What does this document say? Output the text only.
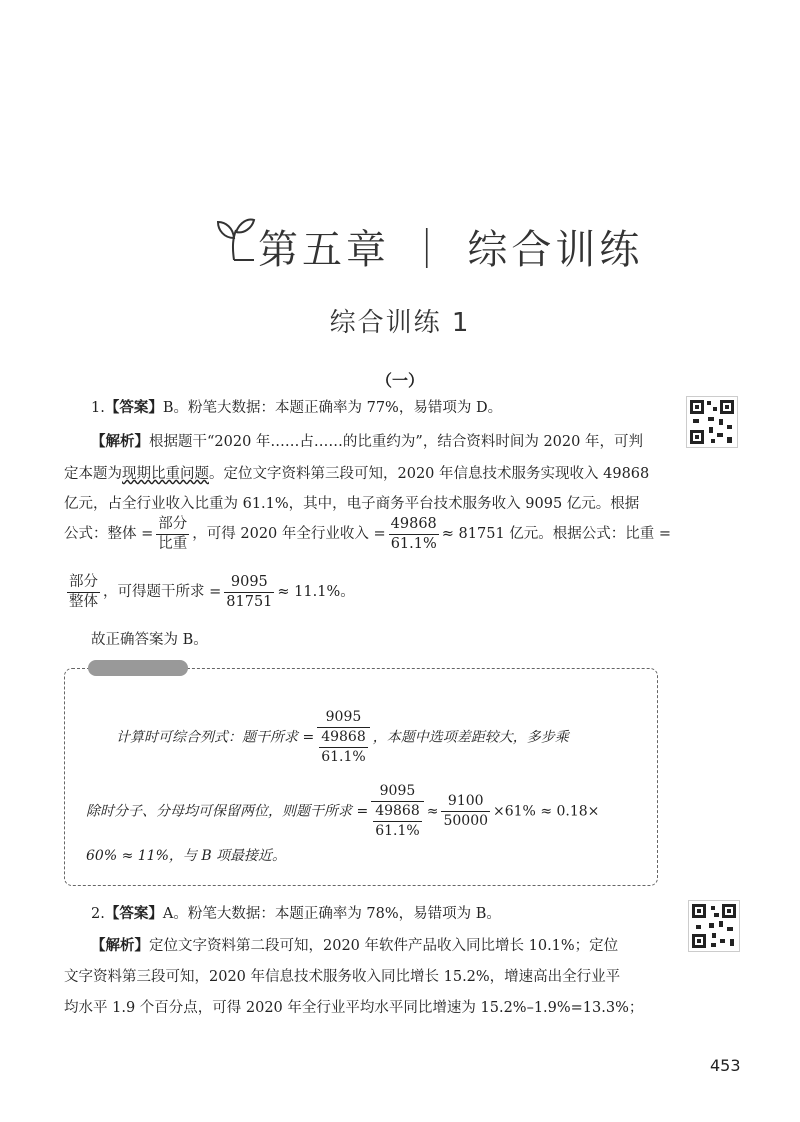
第五章 ｜ 综合训练
综合训练 1
（一）
1.【答案】B。粉笔大数据：本题正确率为 77%，易错项为 D。
【解析】根据题干“2020 年……占……的比重约为”，结合资料时间为 2020 年，可判
定本题为现期比重问题。定位文字资料第三段可知，2020 年信息技术服务实现收入 49868
亿元，占全行业收入比重为 61.1%，其中，电子商务平台技术服务收入 9095 亿元。根据
公式：整体 = $\frac{\text{部分}}{\text{比重}}$ ，可得 2020 年全行业收入 = $\frac{49868}{61.1\%} \approx 81751$ 亿元。根据公式：比重 =
$\frac{\text{部分}}{\text{整体}}$ ，可得题干所求 = $\frac{9095}{81751} \approx 11.1\%$。
故正确答案为 B。
计算时可综合列式：题干所求 = $\frac{9095}{\frac{49868}{61.1\%}}$ ，本题中选项差距较大，多步乘
除时分子、分母均可保留两位，则题干所求 = $\frac{9095}{\frac{49868}{61.1\%}} \approx \frac{9100}{50000} \times 61\% \approx 0.18\times$
60% ≈ 11%，与 B 项最接近。
2.【答案】A。粉笔大数据：本题正确率为 78%，易错项为 B。
【解析】定位文字资料第二段可知，2020 年软件产品收入同比增长 10.1%；定位
文字资料第三段可知，2020 年信息技术服务收入同比增长 15.2%，增速高出全行业平
均水平 1.9 个百分点，可得 2020 年全行业平均水平同比增速为 15.2%–1.9%=13.3%；
453
